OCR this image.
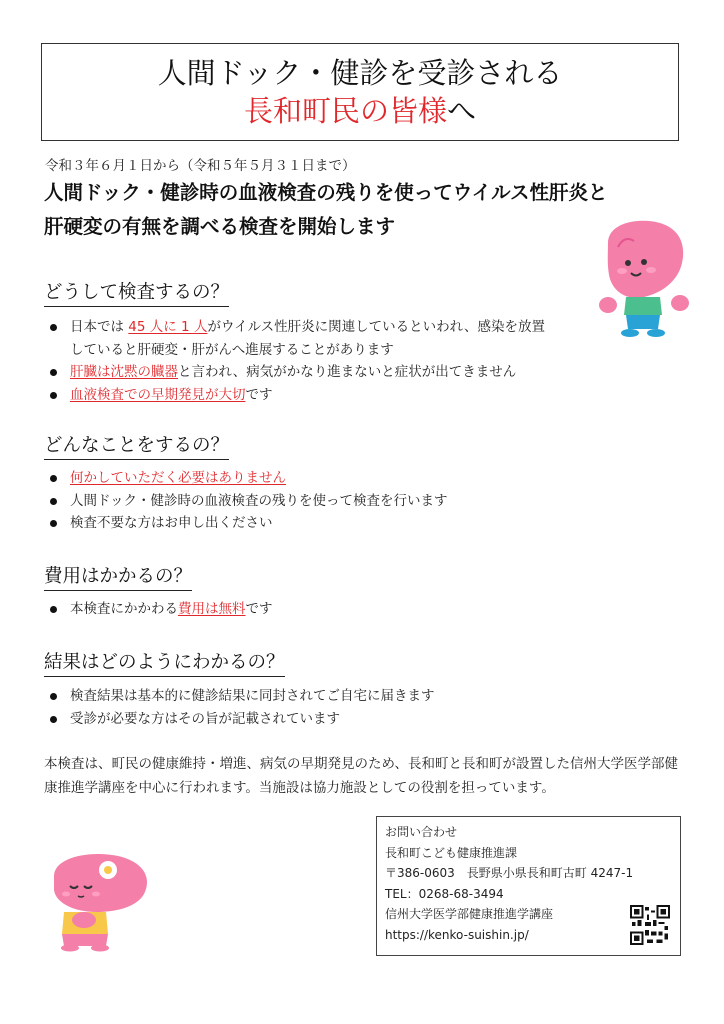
人間ドック・健診を受診される
長和町民の皆様へ
令和３年６月１日から（令和５年５月３１日まで）
人間ドック・健診時の血液検査の残りを使ってウイルス性肝炎と
肝硬変の有無を調べる検査を開始します
どうして検査するの？
日本では 45 人に 1 人がウイルス性肝炎に関連しているといわれ、感染を放置
していると肝硬変・肝がんへ進展することがあります
肝臓は沈黙の臓器と言われ、病気がかなり進まないと症状が出てきません
血液検査での早期発見が大切です
どんなことをするの？
何かしていただく必要はありません
人間ドック・健診時の血液検査の残りを使って検査を行います
検査不要な方はお申し出ください
費用はかかるの？
本検査にかかわる費用は無料です
結果はどのようにわかるの？
検査結果は基本的に健診結果に同封されてご自宅に届きます
受診が必要な方はその旨が記載されています
本検査は、町民の健康維持・増進、病気の早期発見のため、長和町と長和町が設置した信州大学医学部健康推進学講座を中心に行われます。当施設は協力施設としての役割を担っています。
お問い合わせ
長和町こども健康推進課
〒386-0603　長野県小県長和町古町 4247-1
TEL：0268-68-3494
信州大学医学部健康推進学講座
https://kenko-suishin.jp/
